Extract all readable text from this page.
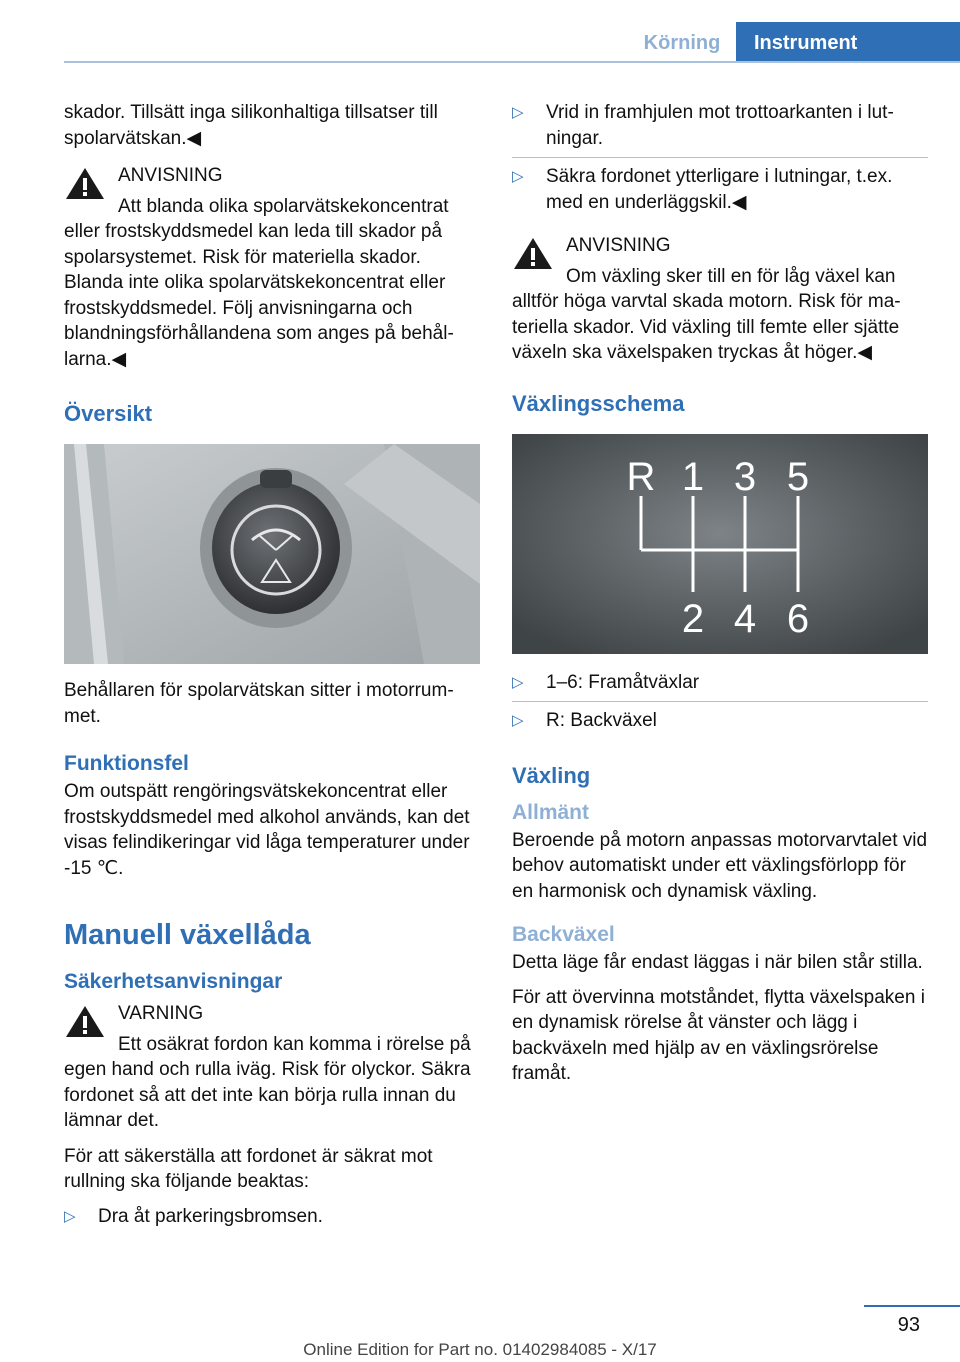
Körning	Instrument

skador. Tillsätt inga silikonhaltiga tillsatser till spolarvätskan.◀

ANVISNING
Att blanda olika spolarvätskekoncentrat eller frostskyddsmedel kan leda till skador på spolarsystemet. Risk för materiella skador. Blanda inte olika spolarvätskekoncentrat eller frostskyddsmedel. Följ anvisningarna och blandningsförhållandena som anges på behållarna.◀
Översikt

Behållaren för spolarvätskan sitter i motorrummet.

Funktionsfel

Om outspätt rengöringsvätskekoncentrat eller frostskyddsmedel med alkohol används, kan det visas felindikeringar vid låga temperaturer under -15 ℃.

Manuell växellåda
Säkerhetsanvisningar
VARNING
Ett osäkrat fordon kan komma i rörelse på egen hand och rulla iväg. Risk för olyckor. Säkra fordonet så att det inte kan börja rulla innan du lämnar det.

För att säkerställa att fordonet är säkrat mot rullning ska följande beaktas:

▷ Dra åt parkeringsbromsen.
▷ Vrid in framhjulen mot trottoarkanten i lutningar.
▷ Säkra fordonet ytterligare i lutningar, t.ex. med en underläggskil.◀
ANVISNING
Om växling sker till en för låg växel kan alltför höga varvtal skada motorn. Risk för materiella skador. Vid växling till femte eller sjätte växeln ska växelspaken tryckas åt höger.◀
Växlingsschema
R 1 3 5
2 4 6
▷ 1–6: Framåtväxlar
▷ R: Backväxel
Växling
Allmänt

Beroende på motorn anpassas motorvarvtalet vid behov automatiskt under ett växlingsförlopp för en harmonisk och dynamisk växling.

Backväxel

Detta läge får endast läggas i när bilen står stilla.

För att övervinna motståndet, flytta växelspaken i en dynamisk rörelse åt vänster och lägg i backväxeln med hjälp av en växlingsrörelse framåt.

93
Online Edition for Part no. 01402984085 - X/17
